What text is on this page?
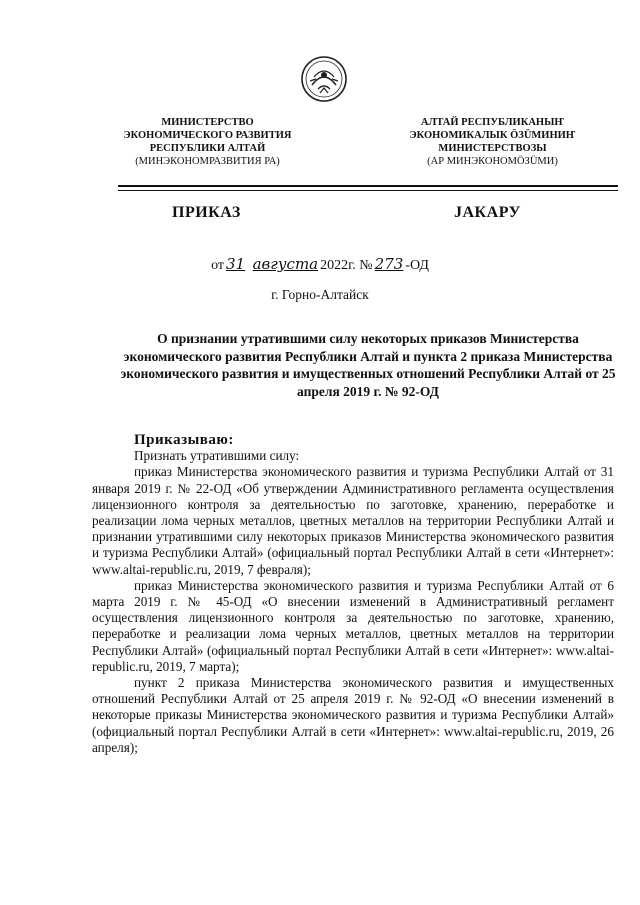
МИНИСТЕРСТВО
ЭКОНОМИЧЕСКОГО РАЗВИТИЯ
РЕСПУБЛИКИ АЛТАЙ
(МИНЭКОНОМРАЗВИТИЯ РА)
АЛТАЙ РЕСПУБЛИКАНЫҤ
ЭКОНОМИКАЛЫК ÖЗÜМИНИҤ
МИНИСТЕРСТВОЗЫ
(АР МИНЭКОНОМÖЗÜМИ)
ПРИКАЗ	ЈАКАРУ
от 31 августа 2022г. № 273 -ОД
г. Горно-Алтайск
О признании утратившими силу некоторых приказов Министерства экономического развития Республики Алтай и пункта 2 приказа Министерства экономического развития и имущественных отношений Республики Алтай от 25 апреля 2019 г. № 92-ОД
Приказываю:

Признать утратившими силу:

приказ Министерства экономического развития и туризма Республики Алтай от 31 января 2019 г. № 22-ОД «Об утверждении Административного регламента осуществления лицензионного контроля за деятельностью по заготовке, хранению, переработке и реализации лома черных металлов, цветных металлов на территории Республики Алтай и признании утратившими силу некоторых приказов Министерства экономического развития и туризма Республики Алтай» (официальный портал Республики Алтай в сети «Интернет»: www.altai-republic.ru, 2019, 7 февраля);

приказ Министерства экономического развития и туризма Республики Алтай от 6 марта 2019 г. № 45-ОД «О внесении изменений в Административный регламент осуществления лицензионного контроля за деятельностью по заготовке, хранению, переработке и реализации лома черных металлов, цветных металлов на территории Республики Алтай» (официальный портал Республики Алтай в сети «Интернет»: www.altai-republic.ru, 2019, 7 марта);

пункт 2 приказа Министерства экономического развития и имущественных отношений Республики Алтай от 25 апреля 2019 г. № 92-ОД «О внесении изменений в некоторые приказы Министерства экономического развития и туризма Республики Алтай» (официальный портал Республики Алтай в сети «Интернет»: www.altai-republic.ru, 2019, 26 апреля);
